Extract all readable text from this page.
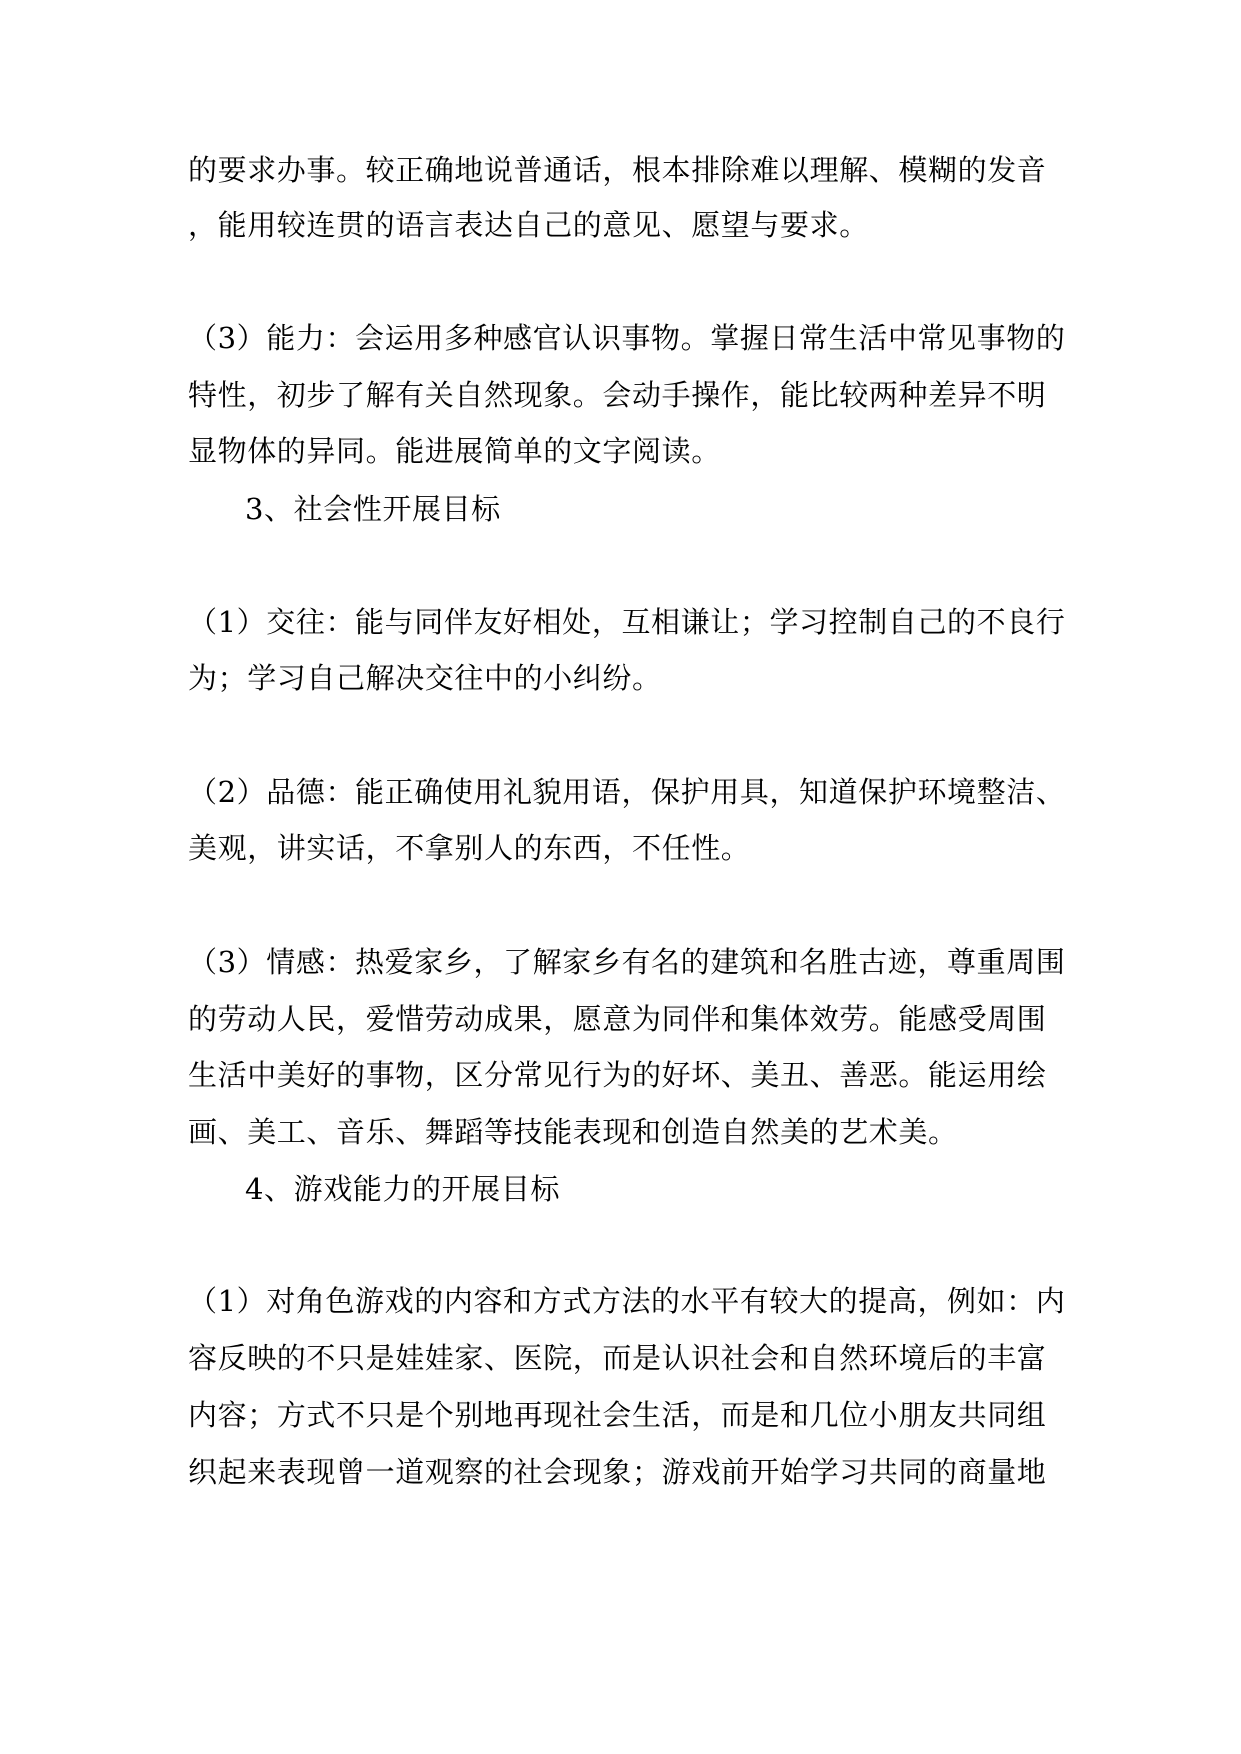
的要求办事。较正确地说普通话，根本排除难以理解、模糊的发音
，能用较连贯的语言表达自己的意见、愿望与要求。
（3）能力：会运用多种感官认识事物。掌握日常生活中常见事物的
特性，初步了解有关自然现象。会动手操作，能比较两种差异不明
显物体的异同。能进展简单的文字阅读。
3、社会性开展目标
（1）交往：能与同伴友好相处，互相谦让；学习控制自己的不良行
为；学习自己解决交往中的小纠纷。
（2）品德：能正确使用礼貌用语，保护用具，知道保护环境整洁、
美观，讲实话，不拿别人的东西，不任性。
（3）情感：热爱家乡，了解家乡有名的建筑和名胜古迹，尊重周围
的劳动人民，爱惜劳动成果，愿意为同伴和集体效劳。能感受周围
生活中美好的事物，区分常见行为的好坏、美丑、善恶。能运用绘
画、美工、音乐、舞蹈等技能表现和创造自然美的艺术美。
4、游戏能力的开展目标
（1）对角色游戏的内容和方式方法的水平有较大的提高，例如：内
容反映的不只是娃娃家、医院，而是认识社会和自然环境后的丰富
内容；方式不只是个别地再现社会生活，而是和几位小朋友共同组
织起来表现曾一道观察的社会现象；游戏前开始学习共同的商量地
